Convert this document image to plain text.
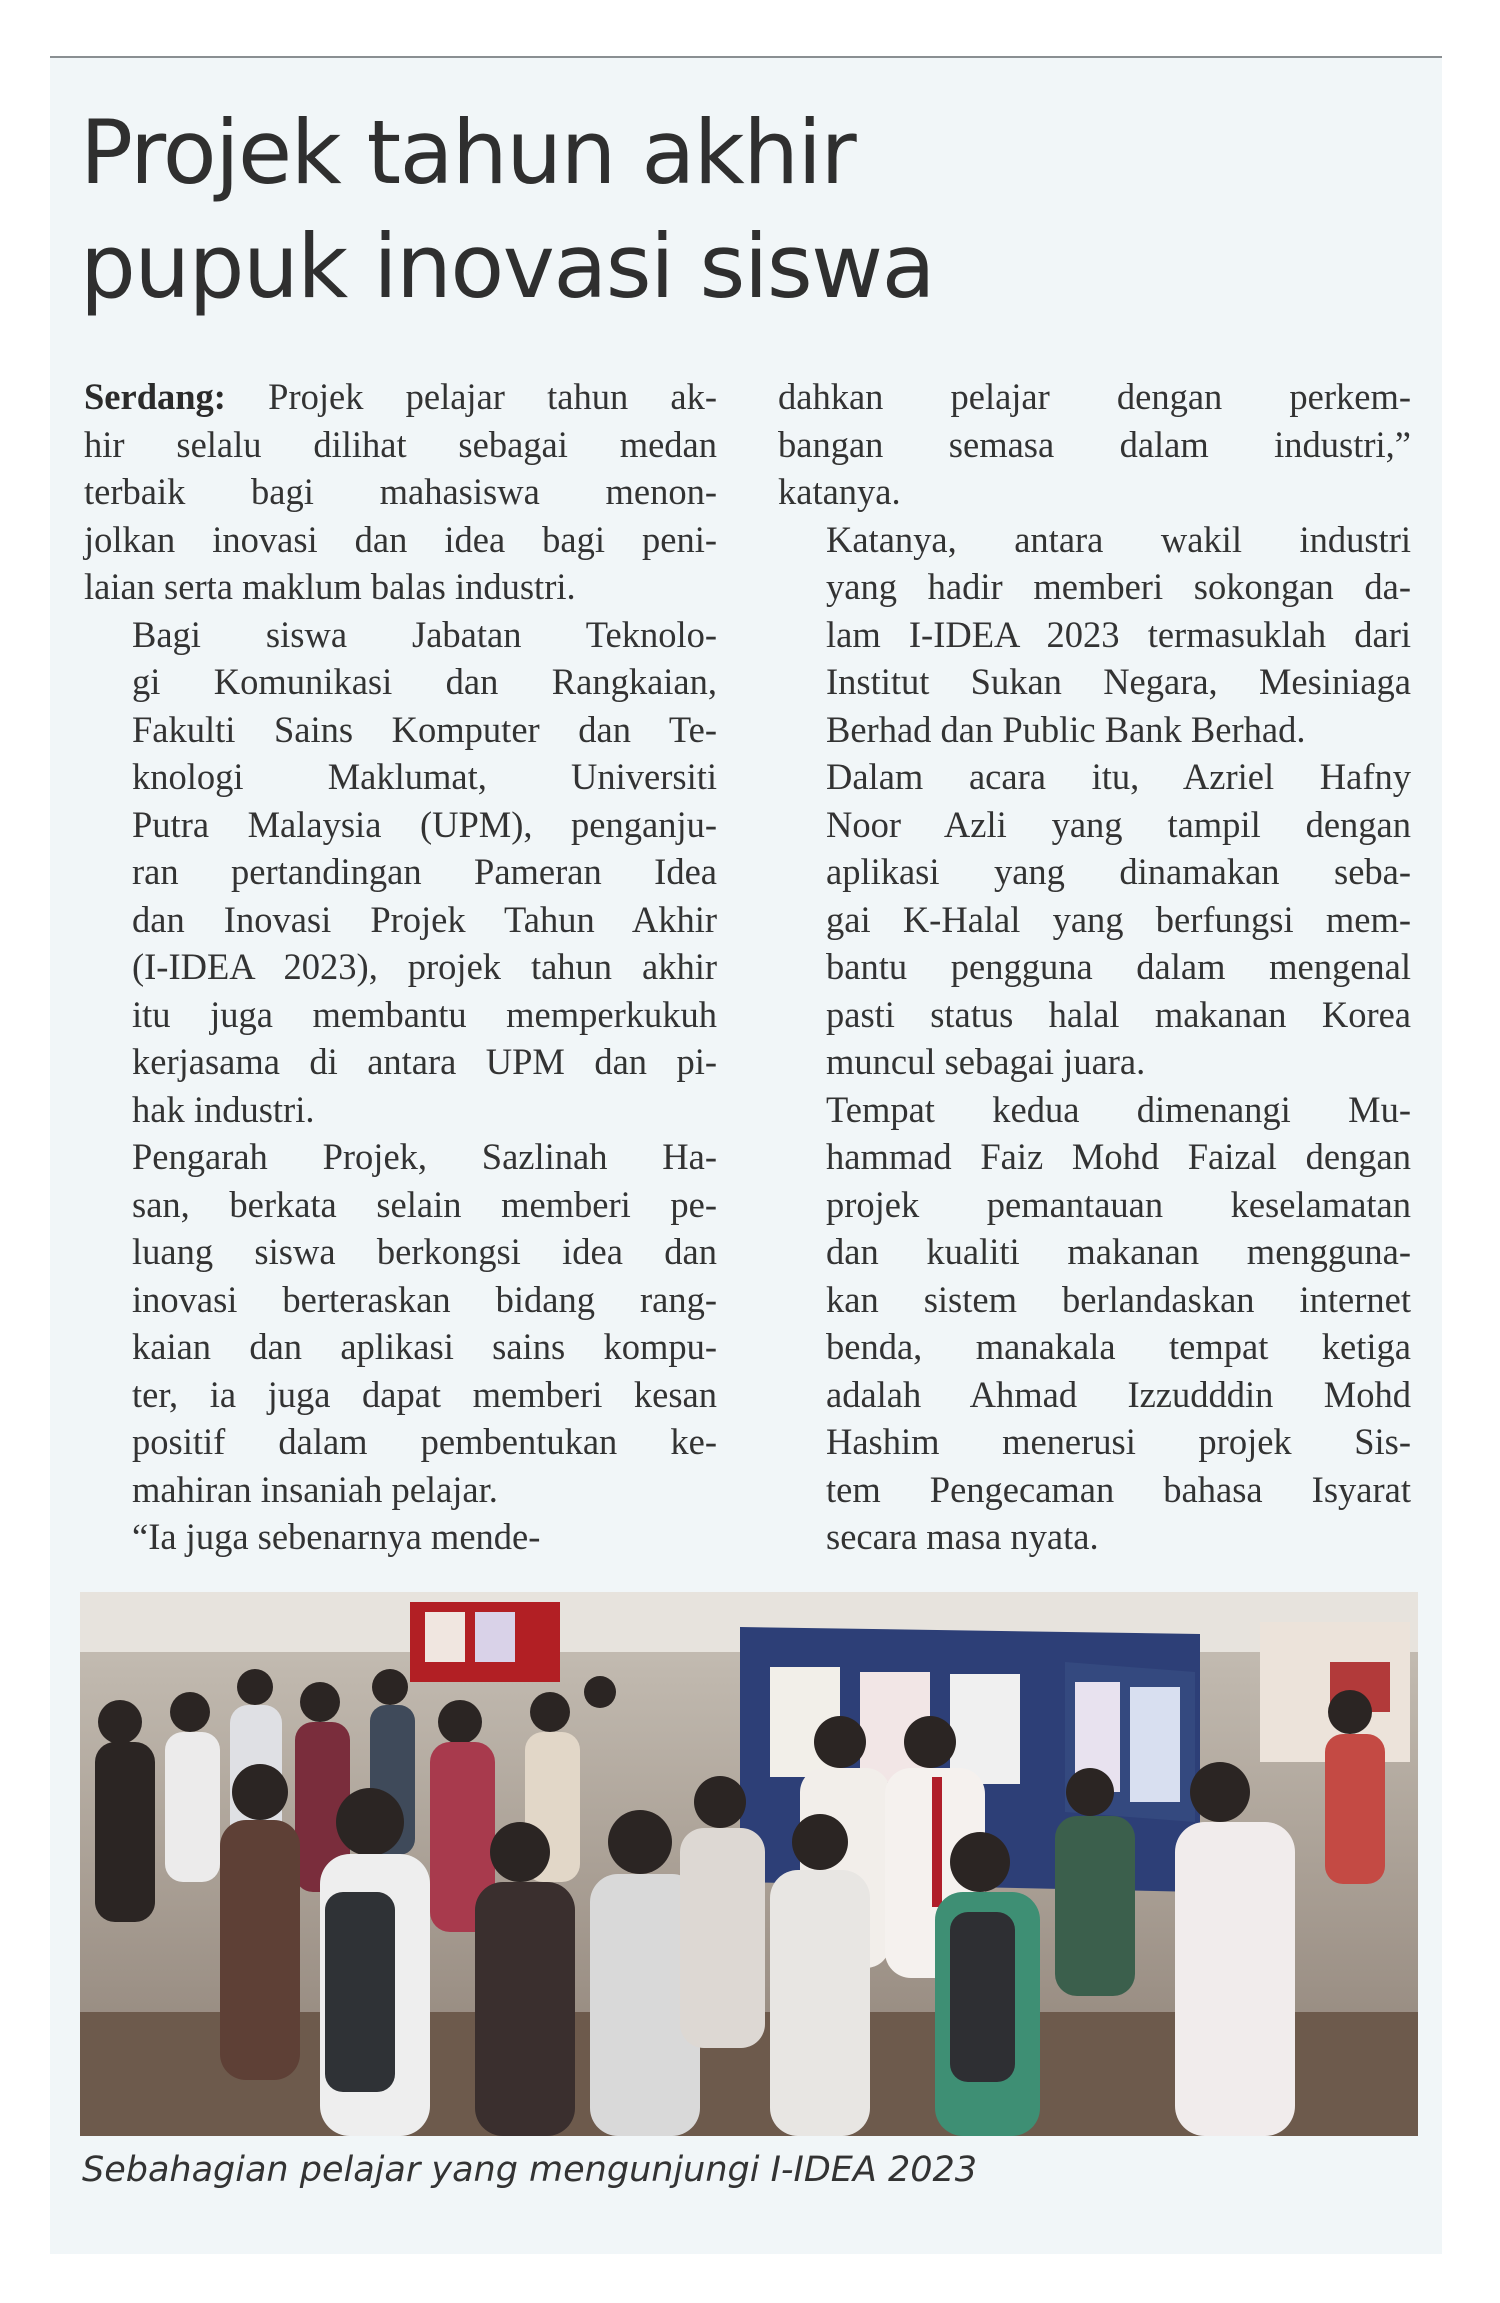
Projek tahun akhir
pupuk inovasi siswa

Serdang: Projek pelajar tahun ak-
hir selalu dilihat sebagai medan
terbaik bagi mahasiswa menon-
jolkan inovasi dan idea bagi peni-
laian serta maklum balas industri.

Bagi siswa Jabatan Teknolo-
gi Komunikasi dan Rangkaian,
Fakulti Sains Komputer dan Te-
knologi Maklumat, Universiti
Putra Malaysia (UPM), penganju-
ran pertandingan Pameran Idea
dan Inovasi Projek Tahun Akhir
(I-IDEA 2023), projek tahun akhir
itu juga membantu memperkukuh
kerjasama di antara UPM dan pi-
hak industri.

Pengarah Projek, Sazlinah Ha-
san, berkata selain memberi pe-
luang siswa berkongsi idea dan
inovasi berteraskan bidang rang-
kaian dan aplikasi sains kompu-
ter, ia juga dapat memberi kesan
positif dalam pembentukan ke-
mahiran insaniah pelajar.

“Ia juga sebenarnya mende-

dahkan pelajar dengan perkem-
bangan semasa dalam industri,”
katanya.

Katanya, antara wakil industri
yang hadir memberi sokongan da-
lam I-IDEA 2023 termasuklah dari
Institut Sukan Negara, Mesiniaga
Berhad dan Public Bank Berhad.

Dalam acara itu, Azriel Hafny
Noor Azli yang tampil dengan
aplikasi yang dinamakan seba-
gai K-Halal yang berfungsi mem-
bantu pengguna dalam mengenal
pasti status halal makanan Korea
muncul sebagai juara.

Tempat kedua dimenangi Mu-
hammad Faiz Mohd Faizal dengan
projek pemantauan keselamatan
dan kualiti makanan mengguna-
kan sistem berlandaskan internet
benda, manakala tempat ketiga
adalah Ahmad Izzudddin Mohd
Hashim menerusi projek Sis-
tem Pengecaman bahasa Isyarat
secara masa nyata.

Sebahagian pelajar yang mengunjungi I-IDEA 2023
